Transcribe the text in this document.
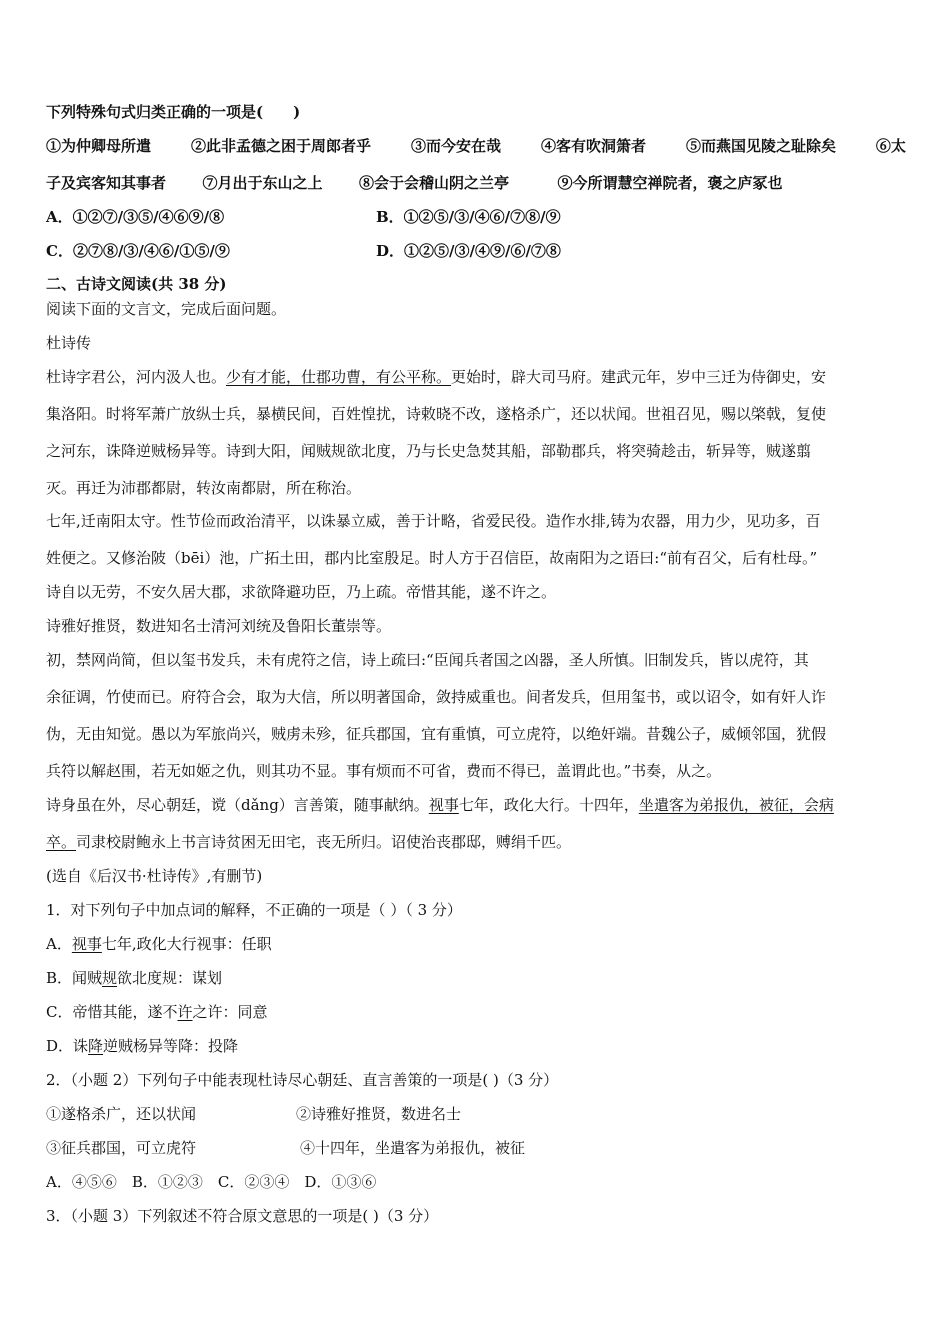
下列特殊句式归类正确的一项是(　　)
①为仲卿母所遣	②此非孟德之困于周郎者乎	③而今安在哉	④客有吹洞箫者	⑤而燕国见陵之耻除矣	⑥太
子及宾客知其事者 ⑦月出于东山之上 ⑧会于会稽山阴之兰亭	⑨今所谓慧空禅院者，褒之庐冢也
A．①②⑦/③⑤/④⑥⑨/⑧	B．①②⑤/③/④⑥/⑦⑧/⑨
C．②⑦⑧/③/④⑥/①⑤/⑨	D．①②⑤/③/④⑨/⑥/⑦⑧
二、古诗文阅读(共 38 分)
阅读下面的文言文，完成后面问题。
杜诗传
杜诗字君公，河内汲人也。少有才能，仕郡功曹，有公平称。更始时，辟大司马府。建武元年，岁中三迁为侍御史，安
集洛阳。时将军萧广放纵士兵，暴横民间，百姓惶扰，诗敕晓不改，遂格杀广，还以状闻。世祖召见，赐以棨戟，复使
之河东，诛降逆贼杨异等。诗到大阳，闻贼规欲北度，乃与长史急焚其船，部勒郡兵，将突骑趁击，斩异等，贼遂翦
灭。再迁为沛郡都尉，转汝南都尉，所在称治。
七年,迁南阳太守。性节俭而政治清平，以诛暴立威，善于计略，省爱民役。造作水排,铸为农器，用力少，见功多，百
姓便之。又修治陂（bēi）池，广拓土田，郡内比室殷足。时人方于召信臣，故南阳为之语曰:“前有召父，后有杜母。”
诗自以无劳，不安久居大郡，求欲降避功臣，乃上疏。帝惜其能，遂不许之。
诗雅好推贤，数进知名士清河刘统及鲁阳长董崇等。
初，禁网尚简，但以玺书发兵，未有虎符之信，诗上疏曰:“臣闻兵者国之凶器，圣人所慎。旧制发兵，皆以虎符，其
余征调，竹使而已。府符合会，取为大信，所以明著国命，敛持威重也。间者发兵，但用玺书，或以诏令，如有奸人诈
伪，无由知觉。愚以为军旅尚兴，贼虏未殄，征兵郡国，宜有重慎，可立虎符，以绝奸端。昔魏公子，威倾邻国，犹假
兵符以解赵围，若无如姬之仇，则其功不显。事有烦而不可省，费而不得已，盖谓此也。”书奏，从之。
诗身虽在外，尽心朝廷，谠（dǎng）言善策，随事献纳。视事七年，政化大行。十四年，坐遣客为弟报仇，被征，会病
卒。司隶校尉鲍永上书言诗贫困无田宅，丧无所归。诏使治丧郡邸，赙绢千匹。
(选自《后汉书·杜诗传》,有删节)
1．对下列句子中加点词的解释，不正确的一项是（ ）（ 3 分）
A．视事七年,政化大行视事：任职
B．闻贼规欲北度规：谋划
C．帝惜其能，遂不许之许：同意
D．诛降逆贼杨异等降：投降
2．（小题 2）下列句子中能表现杜诗尽心朝廷、直言善策的一项是( )（3 分）
①遂格杀广，还以状闻	②诗雅好推贤，数进名士
③征兵郡国，可立虎符	④十四年，坐遣客为弟报仇，被征
A．④⑤⑥　B．①②③　C．②③④　D．①③⑥
3．（小题 3）下列叙述不符合原文意思的一项是( )（3 分）
